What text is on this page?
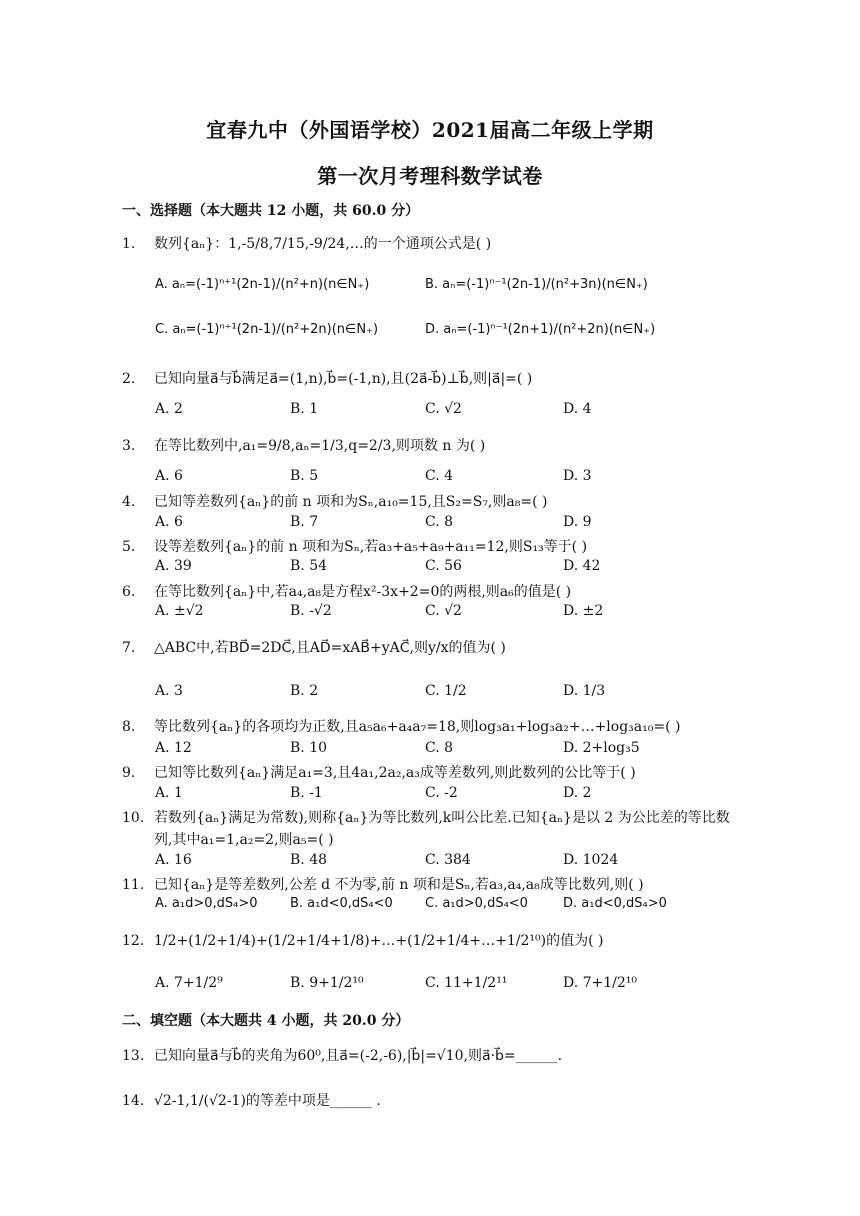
宜春九中（外国语学校）2021届高二年级上学期
第一次月考理科数学试卷
一、选择题（本大题共 12 小题，共 60.0 分）
1. 数列{aₙ}：1,-5/8,7/15,-9/24,…的一个通项公式是( )
A. aₙ=(-1)ⁿ⁺¹(2n-1)/(n²+n)(n∈N₊)	B. aₙ=(-1)ⁿ⁻¹(2n-1)/(n²+3n)(n∈N₊)
C. aₙ=(-1)ⁿ⁺¹(2n-1)/(n²+2n)(n∈N₊)	D. aₙ=(-1)ⁿ⁻¹(2n+1)/(n²+2n)(n∈N₊)
2. 已知向量a⃗与b⃗满足a⃗=(1,n),b⃗=(-1,n),且(2a⃗-b⃗)⊥b⃗,则|a⃗|=( )
A. 2	B. 1	C. √2	D. 4
3. 在等比数列中,a₁=9/8,aₙ=1/3,q=2/3,则项数 n 为( )
A. 6	B. 5	C. 4	D. 3
4. 已知等差数列{aₙ}的前 n 项和为Sₙ,a₁₀=15,且S₂=S₇,则a₈=( )
A. 6	B. 7	C. 8	D. 9
5. 设等差数列{aₙ}的前 n 项和为Sₙ,若a₃+a₅+a₉+a₁₁=12,则S₁₃等于( )
A. 39	B. 54	C. 56	D. 42
6. 在等比数列{aₙ}中,若a₄,a₈是方程x²-3x+2=0的两根,则a₆的值是( )
A. ±√2	B. -√2	C. √2	D. ±2
7. △ABC中,若BD⃗=2DC⃗,且AD⃗=xAB⃗+yAC⃗,则y/x的值为( )
A. 3	B. 2	C. 1/2	D. 1/3
8. 等比数列{aₙ}的各项均为正数,且a₅a₆+a₄a₇=18,则log₃a₁+log₃a₂+…+log₃a₁₀=( )
A. 12	B. 10	C. 8	D. 2+log₃5
9. 已知等比数列{aₙ}满足a₁=3,且4a₁,2a₂,a₃成等差数列,则此数列的公比等于( )
A. 1	B. -1	C. -2	D. 2
10. 若数列{aₙ}满足为常数),则称{aₙ}为等比数列,k叫公比差.已知{aₙ}是以 2 为公比差的等比数
列,其中a₁=1,a₂=2,则a₅=( )
A. 16	B. 48	C. 384	D. 1024
11. 已知{aₙ}是等差数列,公差 d 不为零,前 n 项和是Sₙ,若a₃,a₄,a₈成等比数列,则( )
A. a₁d>0,dS₄>0 B. a₁d<0,dS₄<0 C. a₁d>0,dS₄<0	D. a₁d<0,dS₄>0
12. 1/2+(1/2+1/4)+(1/2+1/4+1/8)+…+(1/2+1/4+…+1/2¹⁰)的值为( )
A. 7+1/2⁹	B. 9+1/2¹⁰	C. 11+1/2¹¹	D. 7+1/2¹⁰
二、填空题（本大题共 4 小题，共 20.0 分）
13. 已知向量a⃗与b⃗的夹角为60⁰,且a⃗=(-2,-6),|b⃗|=√10,则a⃗·b⃗=______.
14. √2-1,1/(√2-1)的等差中项是______ .
